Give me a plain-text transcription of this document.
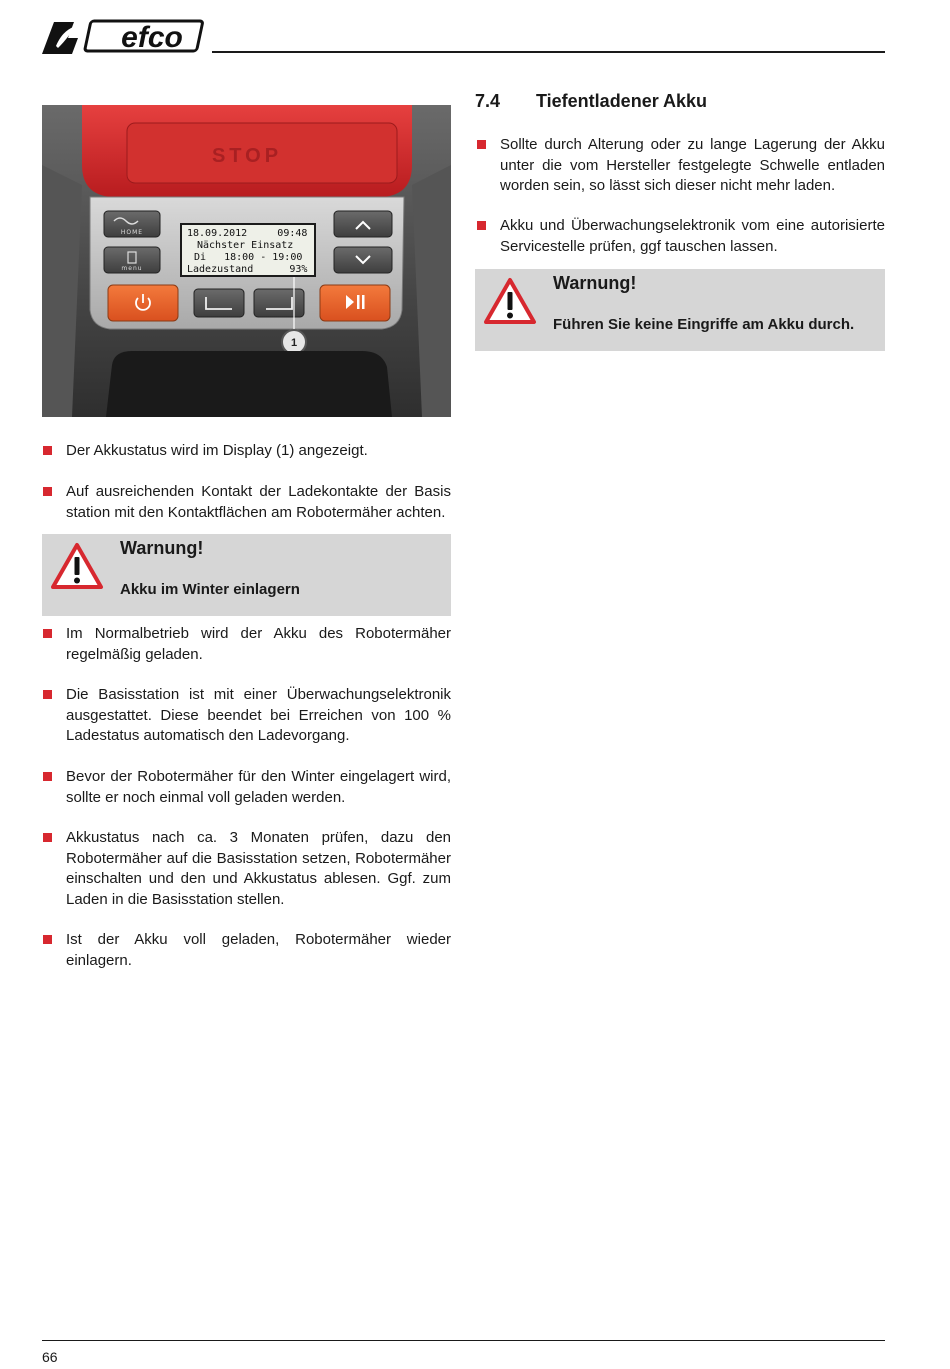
efco
STOP
HOME
menu
18.09.2012     09:48
Nächster Einsatz
Di   18:00 - 19:00
Ladezustand      93%
1
7.4 Tiefentladener Akku
Sollte durch Alterung oder zu lange Lagerung der Akku unter die vom Hersteller festgelegte Schwelle entladen worden sein, so lässt sich dieser nicht mehr laden.
Akku und Überwachungselektronik vom eine autorisierte Servicestelle prüfen, ggf tauschen lassen.
Warnung!
Führen Sie keine Eingriffe am Akku durch.
Der Akkustatus wird im Display (1) angezeigt.
Auf ausreichenden Kontakt der Ladekontakte der Basis station mit den Kontaktflächen am Robotermäher achten.
Warnung!
Akku im Winter einlagern
Im Normalbetrieb wird der Akku des Robotermäher regelmäßig geladen.
Die Basisstation ist mit einer Überwachungselektronik ausgestattet. Diese beendet bei Erreichen von 100 % Ladestatus automatisch den Ladevorgang.
Bevor der Robotermäher für den Winter eingelagert wird, sollte er noch einmal voll geladen werden.
Akkustatus nach ca. 3 Monaten prüfen, dazu den Robotermäher auf die Basisstation setzen, Robotermäher einschalten und den und Akkustatus ablesen. Ggf. zum Laden in die Basisstation stellen.
Ist der Akku voll geladen, Robotermäher wieder einlagern.
66
